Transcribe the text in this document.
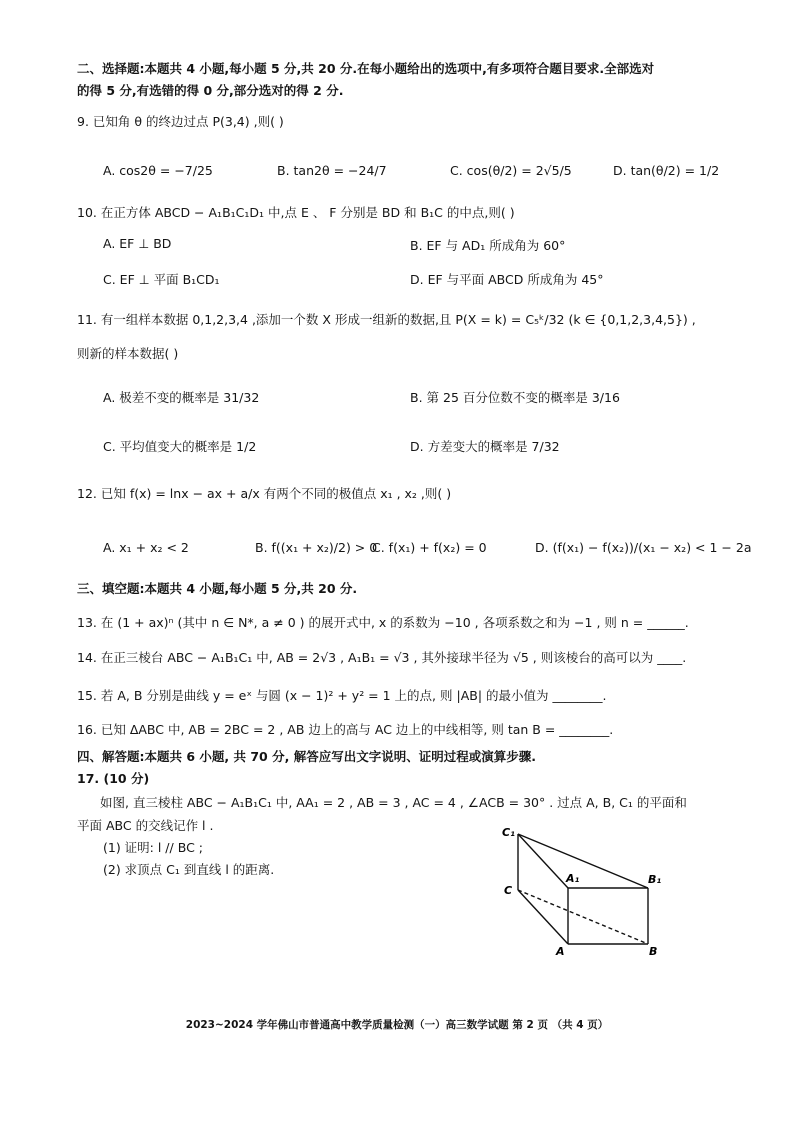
二、选择题:本题共 4 小题,每小题 5 分,共 20 分.在每小题给出的选项中,有多项符合题目要求.全部选对
的得 5 分,有选错的得 0 分,部分选对的得 2 分.
9. 已知角 θ 的终边过点 P(3,4) ,则( )
A. cos2θ = −7/25	B. tan2θ = −24/7	C. cos(θ/2) = 2√5/5	D. tan(θ/2) = 1/2
10. 在正方体 ABCD − A₁B₁C₁D₁ 中,点 E 、 F 分别是 BD 和 B₁C 的中点,则( )
A. EF ⊥ BD	B. EF 与 AD₁ 所成角为 60°
C. EF ⊥ 平面 B₁CD₁	D. EF 与平面 ABCD 所成角为 45°
11. 有一组样本数据 0,1,2,3,4 ,添加一个数 X 形成一组新的数据,且 P(X = k) = C₅ᵏ/32 (k ∈ {0,1,2,3,4,5}) ,
则新的样本数据( )
A. 极差不变的概率是 31/32	B. 第 25 百分位数不变的概率是 3/16
C. 平均值变大的概率是 1/2	D. 方差变大的概率是 7/32
12. 已知 f(x) = lnx − ax + a/x 有两个不同的极值点 x₁ , x₂ ,则( )
A. x₁ + x₂ < 2	B. f((x₁ + x₂)/2) > 0
C. f(x₁) + f(x₂) = 0	D. (f(x₁) − f(x₂))/(x₁ − x₂) < 1 − 2a
三、填空题:本题共 4 小题,每小题 5 分,共 20 分.
13. 在 (1 + ax)ⁿ (其中 n ∈ N*, a ≠ 0 ) 的展开式中, x 的系数为 −10 , 各项系数之和为 −1 , 则 n = ______.
14. 在正三棱台 ABC − A₁B₁C₁ 中, AB = 2√3 , A₁B₁ = √3 , 其外接球半径为 √5 , 则该棱台的高可以为 ____.
15. 若 A, B 分别是曲线 y = eˣ 与圆 (x − 1)² + y² = 1 上的点, 则 |AB| 的最小值为 ________.
16. 已知 ΔABC 中, AB = 2BC = 2 , AB 边上的高与 AC 边上的中线相等, 则 tan B = ________.
四、解答题:本题共 6 小题, 共 70 分, 解答应写出文字说明、证明过程或演算步骤.
17. (10 分)
如图, 直三棱柱 ABC − A₁B₁C₁ 中, AA₁ = 2 , AB = 3 , AC = 4 , ∠ACB = 30° . 过点 A, B, C₁ 的平面和
平面 ABC 的交线记作 l .
(1) 证明: l // BC ;
(2) 求顶点 C₁ 到直线 l 的距离.
C₁
C
A₁	B₁
A	B
2023~2024 学年佛山市普通高中教学质量检测（一）高三数学试题 第 2 页 （共 4 页）
